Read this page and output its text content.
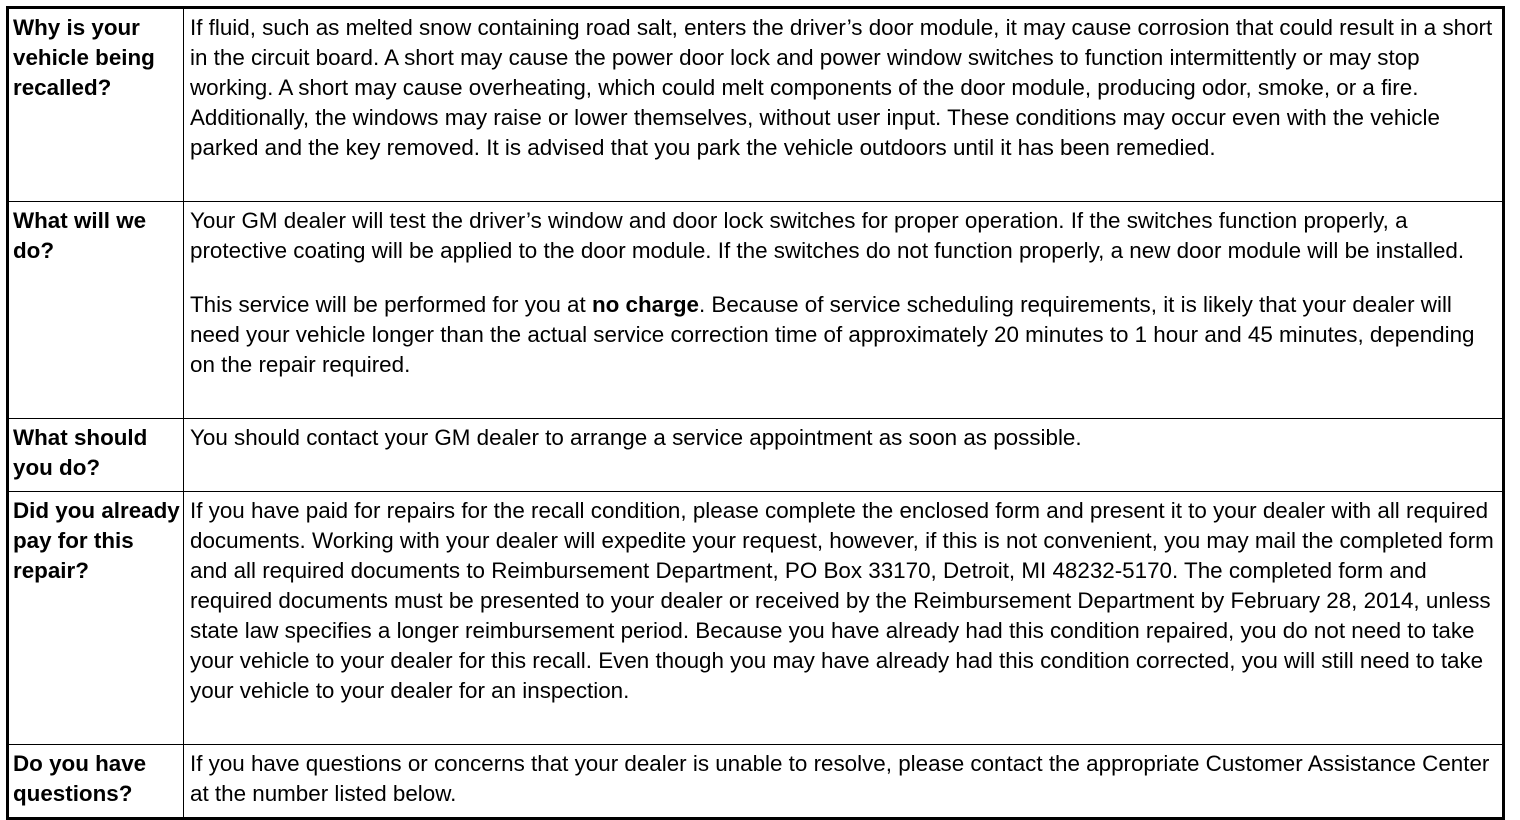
Why is your vehicle being recalled?	If fluid, such as melted snow containing road salt, enters the driver’s door module, it may cause corrosion that could result in a short in the circuit board. A short may cause the power door lock and power window switches to function intermittently or may stop working. A short may cause overheating, which could melt components of the door module, producing odor, smoke, or a fire. Additionally, the windows may raise or lower themselves, without user input. These conditions may occur even with the vehicle parked and the key removed. It is advised that you park the vehicle outdoors until it has been remedied.

What will we do?	Your GM dealer will test the driver’s window and door lock switches for proper operation. If the switches function properly, a protective coating will be applied to the door module. If the switches do not function properly, a new door module will be installed.

This service will be performed for you at no charge. Because of service scheduling requirements, it is likely that your dealer will need your vehicle longer than the actual service correction time of approximately 20 minutes to 1 hour and 45 minutes, depending on the repair required.

What should you do?	You should contact your GM dealer to arrange a service appointment as soon as possible.

Did you already pay for this repair?	If you have paid for repairs for the recall condition, please complete the enclosed form and present it to your dealer with all required documents. Working with your dealer will expedite your request, however, if this is not convenient, you may mail the completed form and all required documents to Reimbursement Department, PO Box 33170, Detroit, MI 48232-5170. The completed form and required documents must be presented to your dealer or received by the Reimbursement Department by February 28, 2014, unless state law specifies a longer reimbursement period. Because you have already had this condition repaired, you do not need to take your vehicle to your dealer for this recall. Even though you may have already had this condition corrected, you will still need to take your vehicle to your dealer for an inspection.

Do you have questions?	If you have questions or concerns that your dealer is unable to resolve, please contact the appropriate Customer Assistance Center at the number listed below.
